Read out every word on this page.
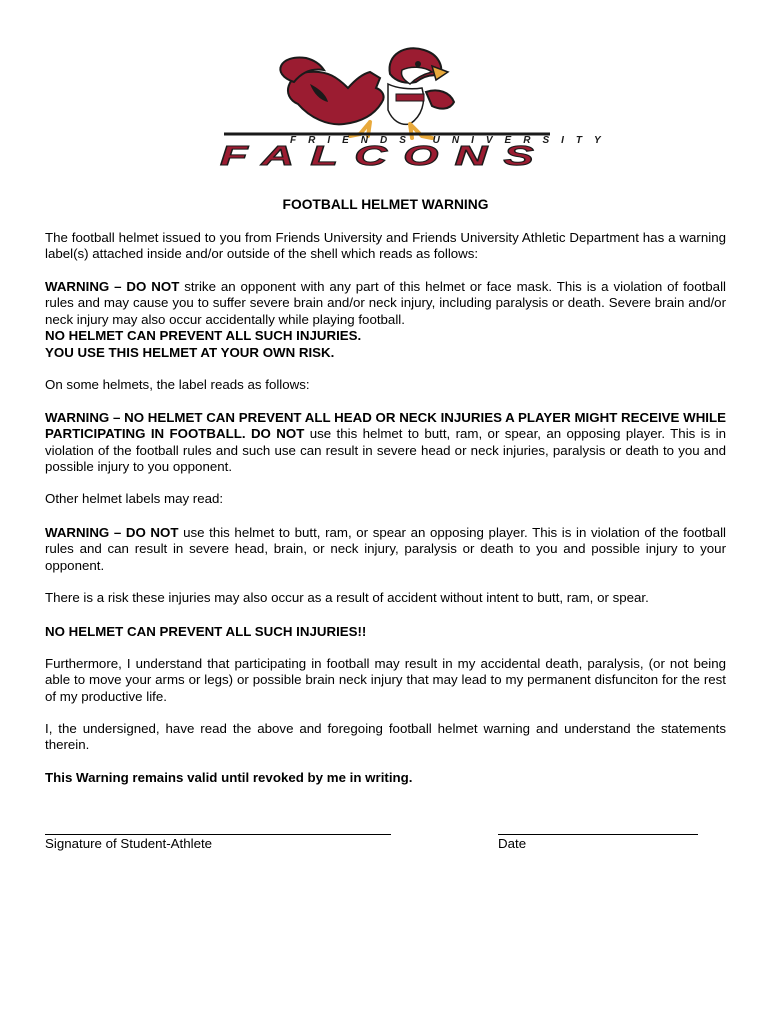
FRIENDS UNIVERSITY
FALCONS
FOOTBALL HELMET WARNING

The football helmet issued to you from Friends University and Friends University Athletic Department has a warning label(s) attached inside and/or outside of the shell which reads as follows:

WARNING – DO NOT strike an opponent with any part of this helmet or face mask. This is a violation of football rules and may cause you to suffer severe brain and/or neck injury, including paralysis or death. Severe brain and/or neck injury may also occur accidentally while playing football.

NO HELMET CAN PREVENT ALL SUCH INJURIES.

YOU USE THIS HELMET AT YOUR OWN RISK.

On some helmets, the label reads as follows:

WARNING – NO HELMET CAN PREVENT ALL HEAD OR NECK INJURIES A PLAYER MIGHT RECEIVE WHILE PARTICIPATING IN FOOTBALL. DO NOT use this helmet to butt, ram, or spear, an opposing player. This is in violation of the football rules and such use can result in severe head or neck injuries, paralysis or death to you and possible injury to you opponent.

Other helmet labels may read:

WARNING – DO NOT use this helmet to butt, ram, or spear an opposing player. This is in violation of the football rules and can result in severe head, brain, or neck injury, paralysis or death to you and possible injury to your opponent.

There is a risk these injuries may also occur as a result of accident without intent to butt, ram, or spear.

NO HELMET CAN PREVENT ALL SUCH INJURIES!!

Furthermore, I understand that participating in football may result in my accidental death, paralysis, (or not being able to move your arms or legs) or possible brain neck injury that may lead to my permanent disfunciton for the rest of my productive life.

I, the undersigned, have read the above and foregoing football helmet warning and understand the statements therein.

This Warning remains valid until revoked by me in writing.

Signature of Student-Athlete	Date
